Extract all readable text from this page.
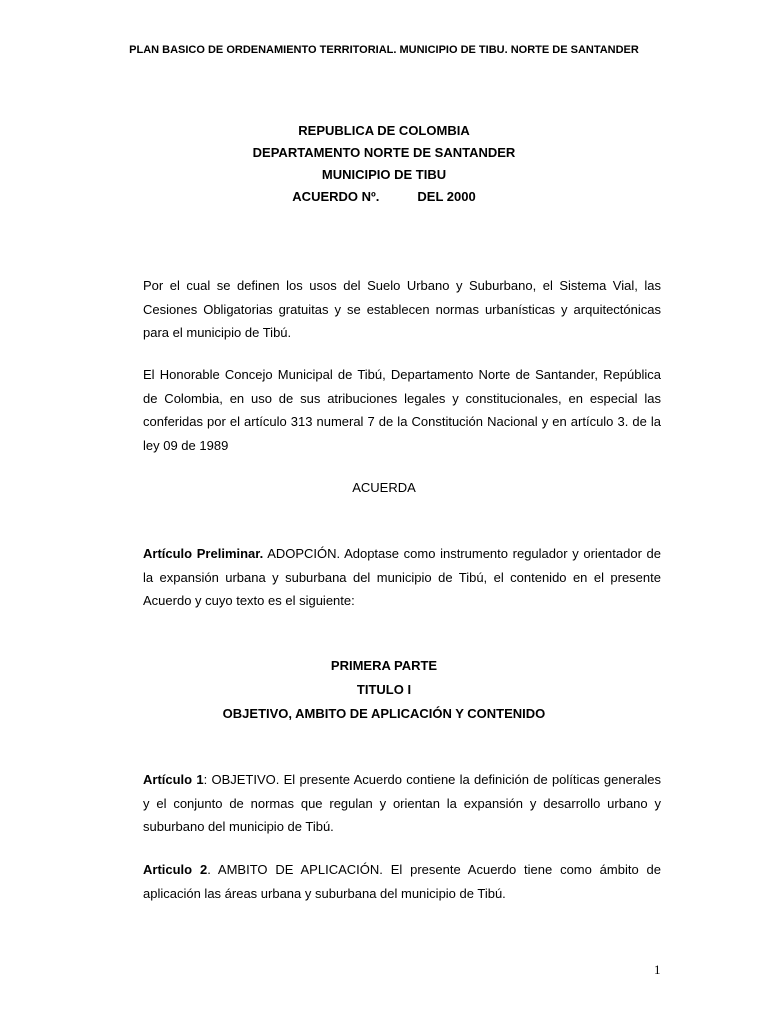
PLAN BASICO DE ORDENAMIENTO TERRITORIAL. MUNICIPIO DE TIBU. NORTE DE SANTANDER
REPUBLICA DE COLOMBIA
DEPARTAMENTO NORTE DE SANTANDER
MUNICIPIO DE TIBU
ACUERDO Nº.	DEL 2000
Por el cual se definen los usos del Suelo Urbano y Suburbano, el Sistema Vial, las Cesiones Obligatorias gratuitas y se establecen normas urbanísticas y arquitectónicas para el municipio de Tibú.
El Honorable Concejo Municipal de Tibú, Departamento Norte de Santander, República de Colombia, en uso de sus atribuciones legales y constitucionales, en especial las conferidas por el artículo 313 numeral 7 de la Constitución Nacional y en artículo 3. de la ley 09 de 1989
ACUERDA
Artículo Preliminar. ADOPCIÓN. Adoptase como instrumento regulador y orientador de la expansión urbana y suburbana del municipio de Tibú, el contenido en el presente Acuerdo y cuyo texto es el siguiente:
PRIMERA PARTE
TITULO I
OBJETIVO, AMBITO DE APLICACIÓN Y CONTENIDO
Artículo 1: OBJETIVO. El presente Acuerdo contiene la definición de políticas generales y el conjunto de normas que regulan y orientan la expansión y desarrollo urbano y suburbano del municipio de Tibú.
Articulo 2. AMBITO DE APLICACIÓN. El presente Acuerdo tiene como ámbito de aplicación las áreas urbana y suburbana del municipio de Tibú.
1
